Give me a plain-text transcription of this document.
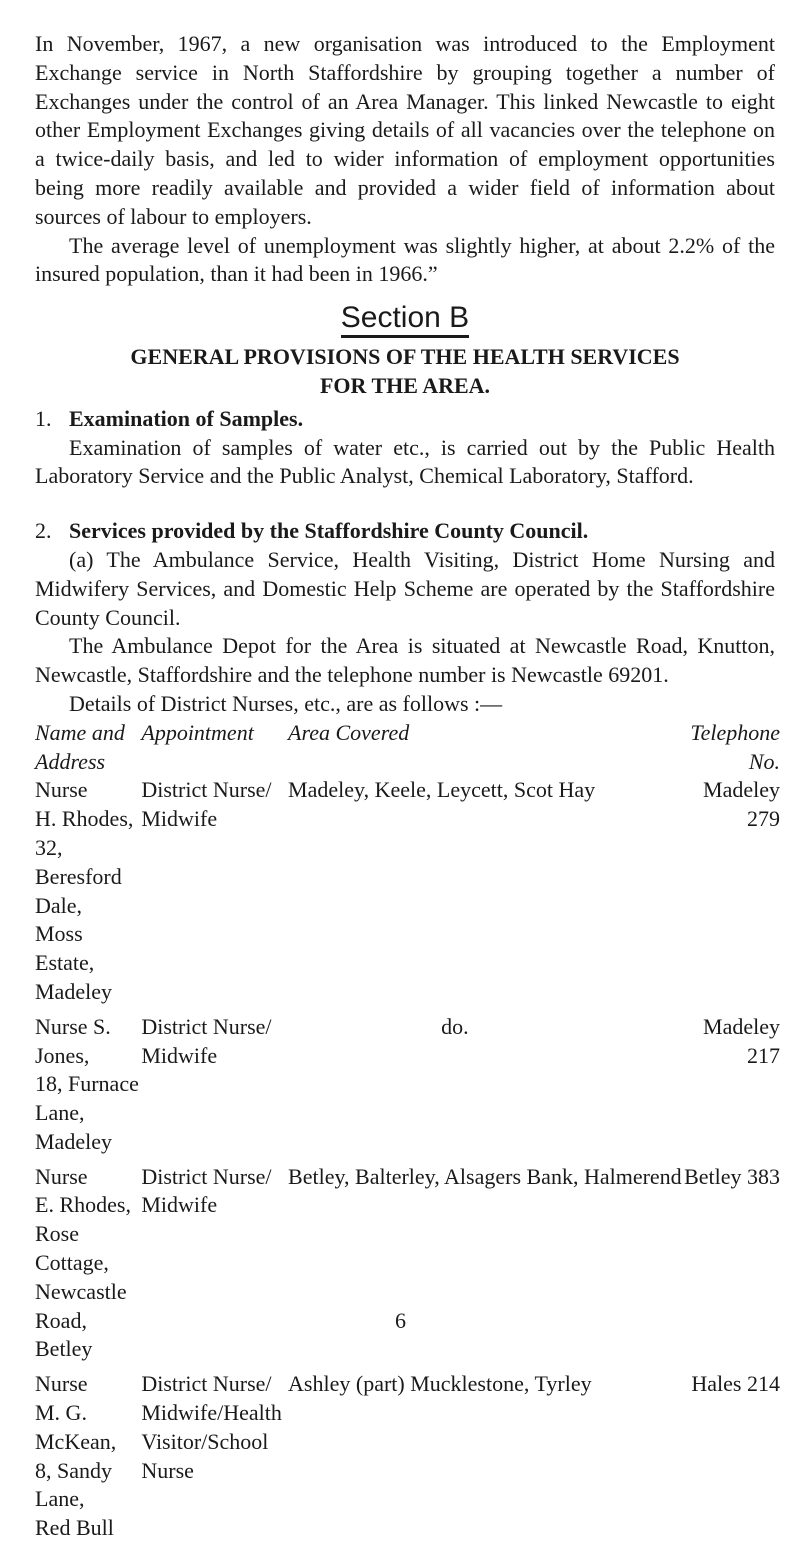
In November, 1967, a new organisation was introduced to the Employment Exchange service in North Staffordshire by grouping together a number of Exchanges under the control of an Area Manager. This linked Newcastle to eight other Employment Exchanges giving details of all vacancies over the telephone on a twice-daily basis, and led to wider information of employment opportunities being more readily available and provided a wider field of information about sources of labour to employers.

The average level of unemployment was slightly higher, at about 2.2% of the insured population, than it had been in 1966.”

Section B
GENERAL PROVISIONS OF THE HEALTH SERVICES
FOR THE AREA.

1. Examination of Samples.

Examination of samples of water etc., is carried out by the Public Health Laboratory Service and the Public Analyst, Chemical Laboratory, Stafford.

2. Services provided by the Staffordshire County Council.

(a) The Ambulance Service, Health Visiting, District Home Nursing and Midwifery Services, and Domestic Help Scheme are operated by the Staffordshire County Council.

The Ambulance Depot for the Area is situated at Newcastle Road, Knutton, Newcastle, Staffordshire and the telephone number is Newcastle 69201.

Details of District Nurses, etc., are as follows :—

Name and
Address	Appointment	Area Covered	Telephone No.
Nurse
H. Rhodes,
32, Beresford Dale,
Moss Estate,
Madeley	District Nurse/
Midwife	Madeley, Keele, Leycett, Scot Hay	Madeley 279
Nurse S. Jones,
18, Furnace
Lane, Madeley	District Nurse/
Midwife	do.	Madeley 217
Nurse
E. Rhodes,
Rose Cottage,
Newcastle Road,
Betley	District Nurse/
Midwife	Betley, Balterley, Alsagers Bank, Halmerend	Betley 383
Nurse
M. G. McKean,
8, Sandy Lane,
Red Bull	District Nurse/
Midwife/Health
Visitor/School
Nurse	Ashley (part) Mucklestone, Tyrley	Hales 214
6
